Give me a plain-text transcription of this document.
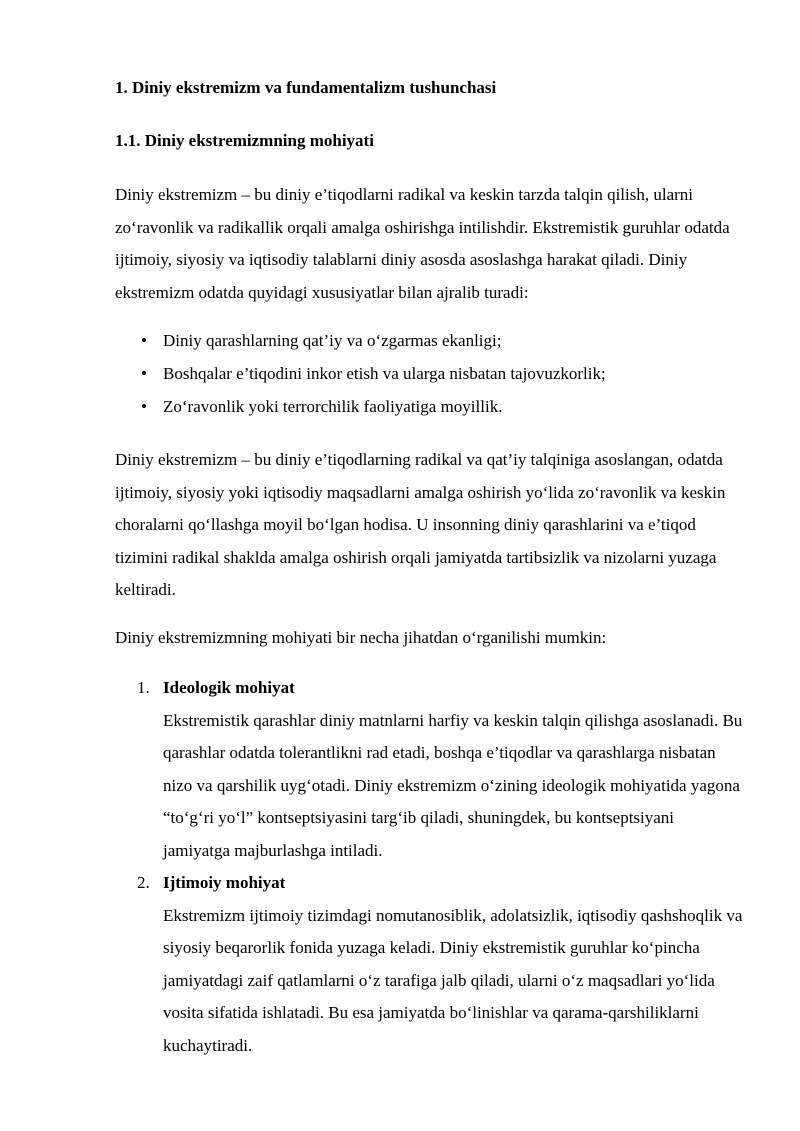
1. Diniy ekstremizm va fundamentalizm tushunchasi

1.1. Diniy ekstremizmning mohiyati

Diniy ekstremizm – bu diniy e’tiqodlarni radikal va keskin tarzda talqin qilish, ularni zo‘ravonlik va radikallik orqali amalga oshirishga intilishdir. Ekstremistik guruhlar odatda ijtimoiy, siyosiy va iqtisodiy talablarni diniy asosda asoslashga harakat qiladi. Diniy ekstremizm odatda quyidagi xususiyatlar bilan ajralib turadi:

• Diniy qarashlarning qat’iy va o‘zgarmas ekanligi;
• Boshqalar e’tiqodini inkor etish va ularga nisbatan tajovuzkorlik;
• Zo‘ravonlik yoki terrorchilik faoliyatiga moyillik.

Diniy ekstremizm – bu diniy e’tiqodlarning radikal va qat’iy talqiniga asoslangan, odatda ijtimoiy, siyosiy yoki iqtisodiy maqsadlarni amalga oshirish yo‘lida zo‘ravonlik va keskin choralarni qo‘llashga moyil bo‘lgan hodisa. U insonning diniy qarashlarini va e’tiqod tizimini radikal shaklda amalga oshirish orqali jamiyatda tartibsizlik va nizolarni yuzaga keltiradi.

Diniy ekstremizmning mohiyati bir necha jihatdan o‘rganilishi mumkin:

1. Ideologik mohiyat
Ekstremistik qarashlar diniy matnlarni harfiy va keskin talqin qilishga asoslanadi. Bu qarashlar odatda tolerantlikni rad etadi, boshqa e’tiqodlar va qarashlarga nisbatan nizo va qarshilik uyg‘otadi. Diniy ekstremizm o‘zining ideologik mohiyatida yagona “to‘g‘ri yo‘l” kontseptsiyasini targ‘ib qiladi, shuningdek, bu kontseptsiyani jamiyatga majburlashga intiladi.
2. Ijtimoiy mohiyat
Ekstremizm ijtimoiy tizimdagi nomutanosiblik, adolatsizlik, iqtisodiy qashshoqlik va siyosiy beqarorlik fonida yuzaga keladi. Diniy ekstremistik guruhlar ko‘pincha jamiyatdagi zaif qatlamlarni o‘z tarafiga jalb qiladi, ularni o‘z maqsadlari yo‘lida vosita sifatida ishlatadi. Bu esa jamiyatda bo‘linishlar va qarama-qarshiliklarni kuchaytiradi.
